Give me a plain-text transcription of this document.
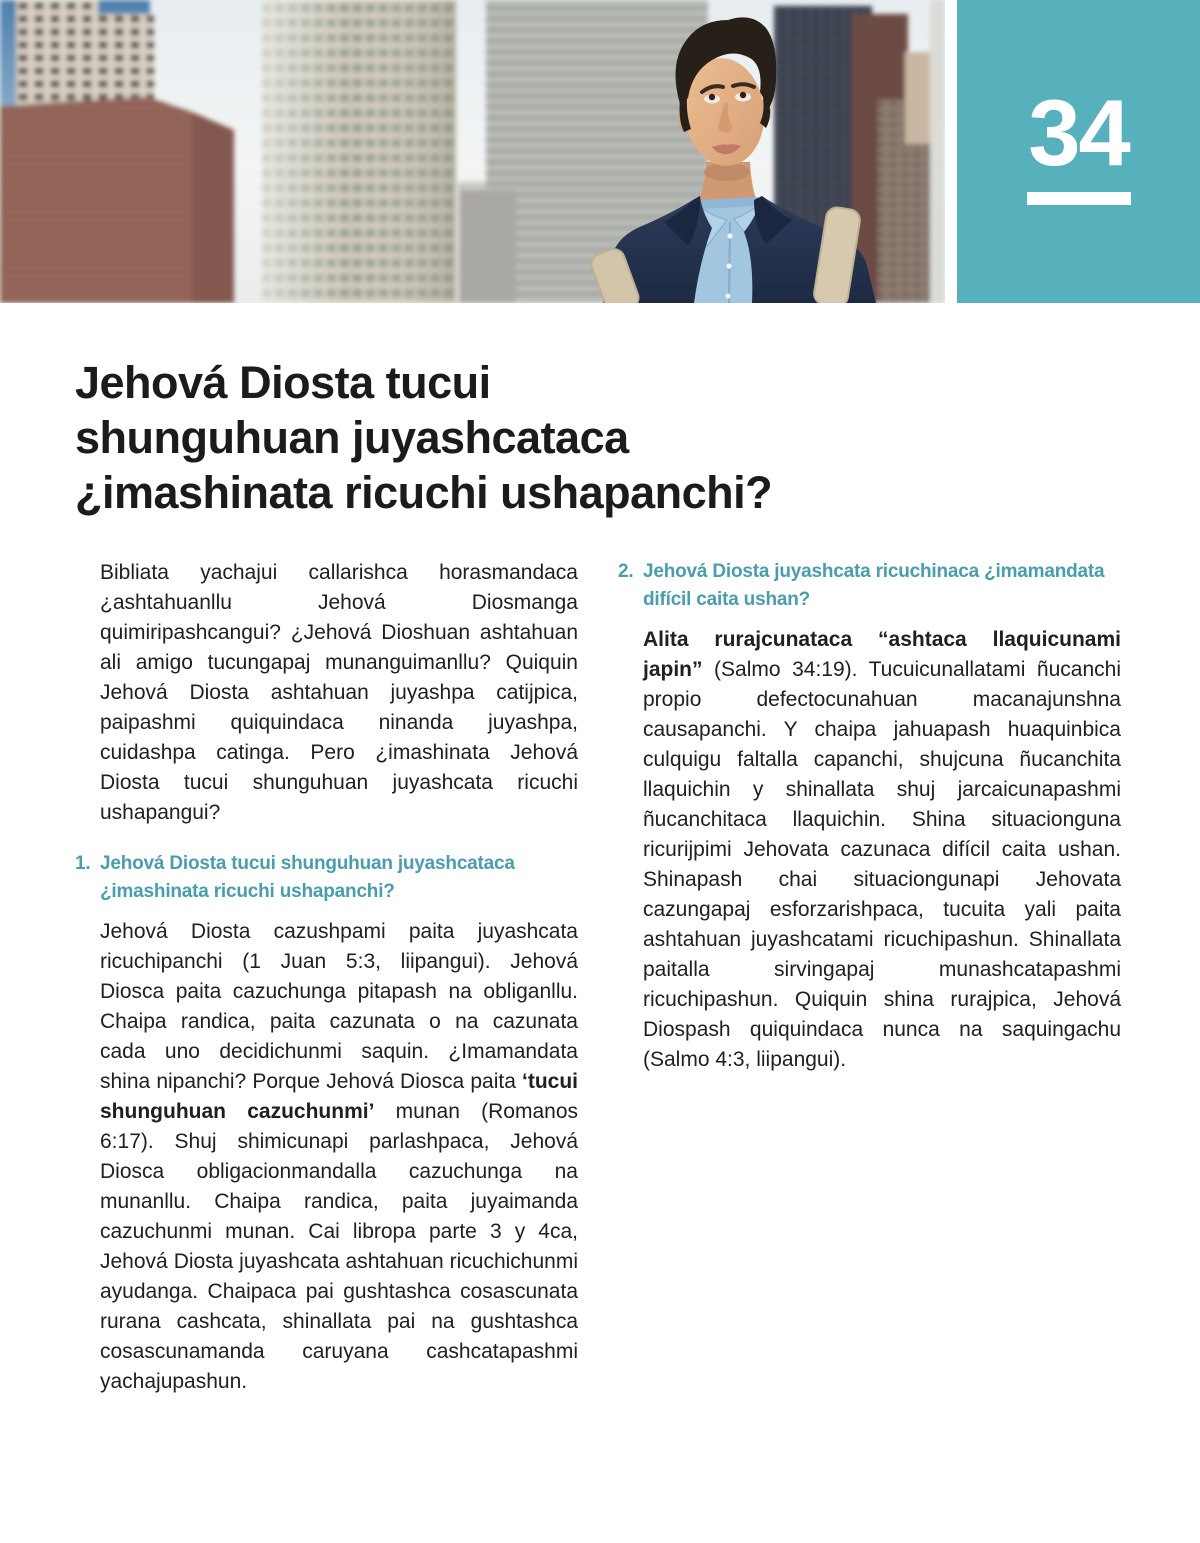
34
Jehová Diosta tucui
shunguhuan juyashcataca
¿imashinata ricuchi ushapanchi?

Bibliata yachajui callarishca horasmandaca ¿ashtahuanllu Jehová Diosmanga quimiripashcangui? ¿Jehová Dioshuan ashtahuan ali amigo tucungapaj munanguimanllu? Quiquin Jehová Diosta ashtahuan juyashpa catijpica, paipashmi quiquindaca ninanda juyashpa, cuidashpa catinga. Pero ¿imashinata Jehová Diosta tucui shunguhuan juyashcata ricuchi ushapangui?

1. Jehová Diosta tucui shunguhuan juyashcataca ¿imashinata ricuchi ushapanchi?

Jehová Diosta cazushpami paita juyashcata ricuchipanchi (1 Juan 5:3, liipangui). Jehová Diosca paita cazuchunga pitapash na obliganllu. Chaipa randica, paita cazunata o na cazunata cada uno decidichunmi saquin. ¿Imamandata shina nipanchi? Porque Jehová Diosca paita ‘tucui shunguhuan cazuchunmi’ munan (Romanos 6:17). Shuj shimicunapi parlashpaca, Jehová Diosca obligacionmandalla cazuchunga na munanllu. Chaipa randica, paita juyaimanda cazuchunmi munan. Cai libropa parte 3 y 4ca, Jehová Diosta juyashcata ashtahuan ricuchichunmi ayudanga. Chaipaca pai gushtashca cosascunata rurana cashcata, shinallata pai na gushtashca cosascunamanda caruyana cashcatapashmi yachajupashun.

2. Jehová Diosta juyashcata ricuchinaca ¿imamandata difícil caita ushan?

Alita rurajcunataca “ashtaca llaquicunami japin” (Salmo 34:19). Tucuicunallatami ñucanchi propio defectocunahuan macanajunshna causapanchi. Y chaipa jahuapash huaquinbica culquigu faltalla capanchi, shujcuna ñucanchita llaquichin y shinallata shuj jarcaicunapashmi ñucanchitaca llaquichin. Shina situacionguna ricurijpimi Jehovata cazunaca difícil caita ushan. Shinapash chai situaciongunapi Jehovata cazungapaj esforzarishpaca, tucuita yali paita ashtahuan juyashcatami ricuchipashun. Shinallata paitalla sirvingapaj munashcatapashmi ricuchipashun. Quiquin shina rurajpica, Jehová Diospash quiquindaca nunca na saquingachu (Salmo 4:3, liipangui).
